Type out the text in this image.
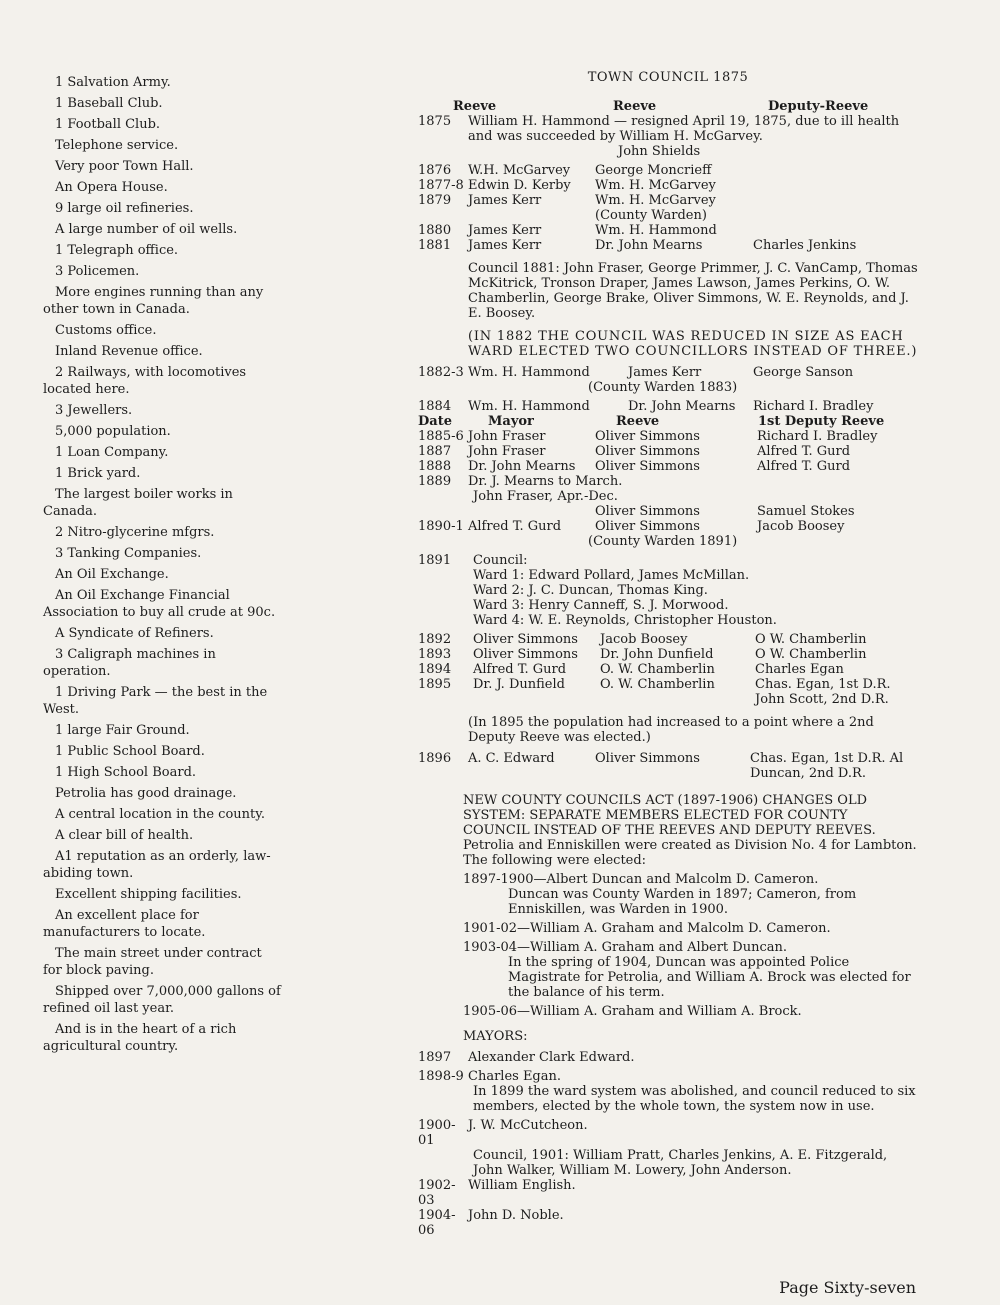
1 Salvation Army.
1 Baseball Club.
1 Football Club.
Telephone service.
Very poor Town Hall.
An Opera House.
9 large oil refineries.
A large number of oil wells.
1 Telegraph office.
3 Policemen.
More engines running than any other town in Canada.
Customs office.
Inland Revenue office.
2 Railways, with locomotives located here.
3 Jewellers.
5,000 population.
1 Loan Company.
1 Brick yard.
The largest boiler works in Canada.
2 Nitro-glycerine mfgrs.
3 Tanking Companies.
An Oil Exchange.
An Oil Exchange Financial Association to buy all crude at 90c.
A Syndicate of Refiners.
3 Caligraph machines in operation.
1 Driving Park — the best in the West.
1 large Fair Ground.
1 Public School Board.
1 High School Board.
Petrolia has good drainage.
A central location in the county.
A clear bill of health.
A1 reputation as an orderly, law-abiding town.
Excellent shipping facilities.
An excellent place for manufacturers to locate.
The main street under contract for block paving.
Shipped over 7,000,000 gallons of refined oil last year.
And is in the heart of a rich agricultural country.
TOWN COUNCIL 1875
Reeve	Reeve	Deputy-Reeve
1875	William H. Hammond — resigned April 19, 1875, due to ill health and was succeeded by William H. McGarvey.
John Shields
1876	W.H. McGarvey	George Moncrieff
1877-8 Edwin D. Kerby	Wm. H. McGarvey
1879	James Kerr	Wm. H. McGarvey (County Warden)
1880	James Kerr	Wm. H. Hammond
1881	James Kerr	Dr. John Mearns	Charles Jenkins
Council 1881: John Fraser, George Primmer, J. C. VanCamp, Thomas McKitrick, Tronson Draper, James Lawson, James Perkins, O. W. Chamberlin, George Brake, Oliver Simmons, W. E. Reynolds, and J. E. Boosey.
(IN 1882 THE COUNCIL WAS REDUCED IN SIZE AS EACH WARD ELECTED TWO COUNCILLORS INSTEAD OF THREE.)
1882-3 Wm. H. Hammond	James Kerr	George Sanson
(County Warden 1883)
1884	Wm. H. Hammond	Dr. John Mearns	Richard I. Bradley
Date	Mayor	Reeve	1st Deputy Reeve
1885-6 John Fraser	Oliver Simmons	Richard I. Bradley
1887	John Fraser	Oliver Simmons	Alfred T. Gurd
1888	Dr. John Mearns	Oliver Simmons	Alfred T. Gurd
1889	Dr. J. Mearns to March.
John Fraser, Apr.-Dec.
Oliver Simmons	Samuel Stokes
1890-1 Alfred T. Gurd	Oliver Simmons	Jacob Boosey
(County Warden 1891)
1891	Council:
Ward 1: Edward Pollard, James McMillan.
Ward 2: J. C. Duncan, Thomas King.
Ward 3: Henry Canneff, S. J. Morwood.
Ward 4: W. E. Reynolds, Christopher Houston.
1892	Oliver Simmons	Jacob Boosey	O W. Chamberlin
1893	Oliver Simmons	Dr. John Dunfield	O W. Chamberlin
1894	Alfred T. Gurd	O. W. Chamberlin	Charles Egan
1895	Dr. J. Dunfield	O. W. Chamberlin	Chas. Egan, 1st D.R. John Scott, 2nd D.R.
(In 1895 the population had increased to a point where a 2nd Deputy Reeve was elected.)
1896	A. C. Edward	Oliver Simmons	Chas. Egan, 1st D.R. Al Duncan, 2nd D.R.
NEW COUNTY COUNCILS ACT (1897-1906) CHANGES OLD SYSTEM: SEPARATE MEMBERS ELECTED FOR COUNTY COUNCIL INSTEAD OF THE REEVES AND DEPUTY REEVES. Petrolia and Enniskillen were created as Division No. 4 for Lambton. The following were elected:
1897-1900—Albert Duncan and Malcolm D. Cameron.
Duncan was County Warden in 1897; Cameron, from Enniskillen, was Warden in 1900.
1901-02—William A. Graham and Malcolm D. Cameron.
1903-04—William A. Graham and Albert Duncan.
In the spring of 1904, Duncan was appointed Police Magistrate for Petrolia, and William A. Brock was elected for the balance of his term.
1905-06—William A. Graham and William A. Brock.
MAYORS:
1897	Alexander Clark Edward.
1898-9 Charles Egan.
In 1899 the ward system was abolished, and council reduced to six members, elected by the whole town, the system now in use.
1900-01
J. W. McCutcheon.
Council, 1901: William Pratt, Charles Jenkins, A. E. Fitzgerald, John Walker, William M. Lowery, John Anderson.
1902-03
William English.
1904-06
John D. Noble.
Page Sixty-seven
